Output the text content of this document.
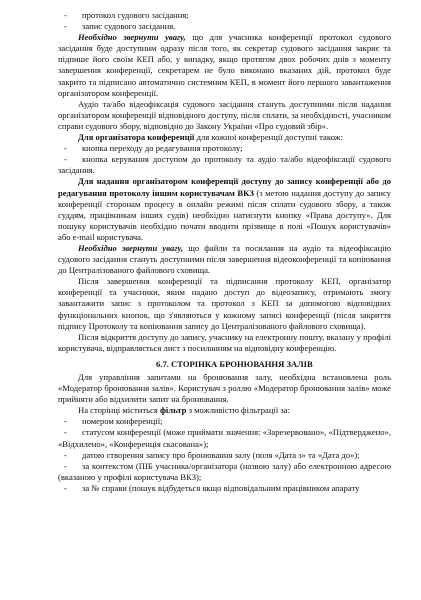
- протокол судового засідання;
- запис судового засідання.

Необхідно звернути увагу, що для учасника конференції протокол судового засідання буде доступним одразу після того, як секретар судового засідання закриє та підпише його своїм КЕП або, у випадку, якщо протягом двох робочих днів з моменту завершення конференції, секретарем не було виконано вказаних дій, протокол буде закрито та підписано автоматично системним КЕП, в момент його першого завантаження організатором конференції.

Аудіо та/або відеофіксація судового засідання стануть доступними після надання організатором конференції відповідного доступу, після сплати, за необхідності, учасником справи судового збору, відповідно до Закону України «Про судовий збір».

Для організатора конференції для кожної конференції доступні також:

- кнопка переходу до редагування протоколу;
- кнопка керування доступом до протоколу та аудіо та/або відеофіксації судового засідання.

Для надання організатором конференції доступу до запису конференції або до редагування протоколу іншим користувачам ВКЗ (з метою надання доступу до запису конференції сторонам процесу в онлайн режимі після сплати судового збору, а також суддям, працівникам інших судів) необхідно натиснути кнопку «Права доступу». Для пошуку користувачів необхідно почати вводити прізвище в полі «Пошук користувачів» або e-mail користувача.

Необхідно звернути увагу, що файли та посилання на аудіо та відеофіксацію судового засідання стануть доступними після завершення відеоконференції та копіювання до Централізованого файлового сховища.

Після завершення конференції та підписання протоколу КЕП, організатор конференції та учасники, яким надано доступ до відеозапису, отримають змогу завантажити запис з протоколом та протокол з КЕП за допомогою відповідних функціональних кнопок, що з'являються у кожному записі конференції (після закриття підпису Протоколу та копіювання запису до Централізованого файлового сховища).

Після відкриття доступу до запису, учаснику на електронну пошту, вказану у профілі користувача, відправляється лист з посиланням на відповідну конференцію.

6.7. СТОРІНКА БРОНЮВАННЯ ЗАЛІВ

Для управління запитами на бронювання залу, необхідна встановлена роль «Модератор бронювання залів». Користувач з роллю «Модератор бронювання залів» може прийняти або відхилити запит на бронювання.

На сторінці міститься фільтр з можливістю фільтрації за:

- номером конференції;
- статусом конференції (може приймати значення: «Зарезервовано», «Підтверджено», «Відхилено», «Конференція скасована»);
- датою створення запису про бронювання залу (поля «Дата з» та «Дата до»);
- за контекстом (ПІБ учасника/організатора (назвою залу) або електронною адресою (вказаною у профілі користувача ВКЗ);
- за № справи (пошук відбудеться якщо відповідальним працівником апарату
